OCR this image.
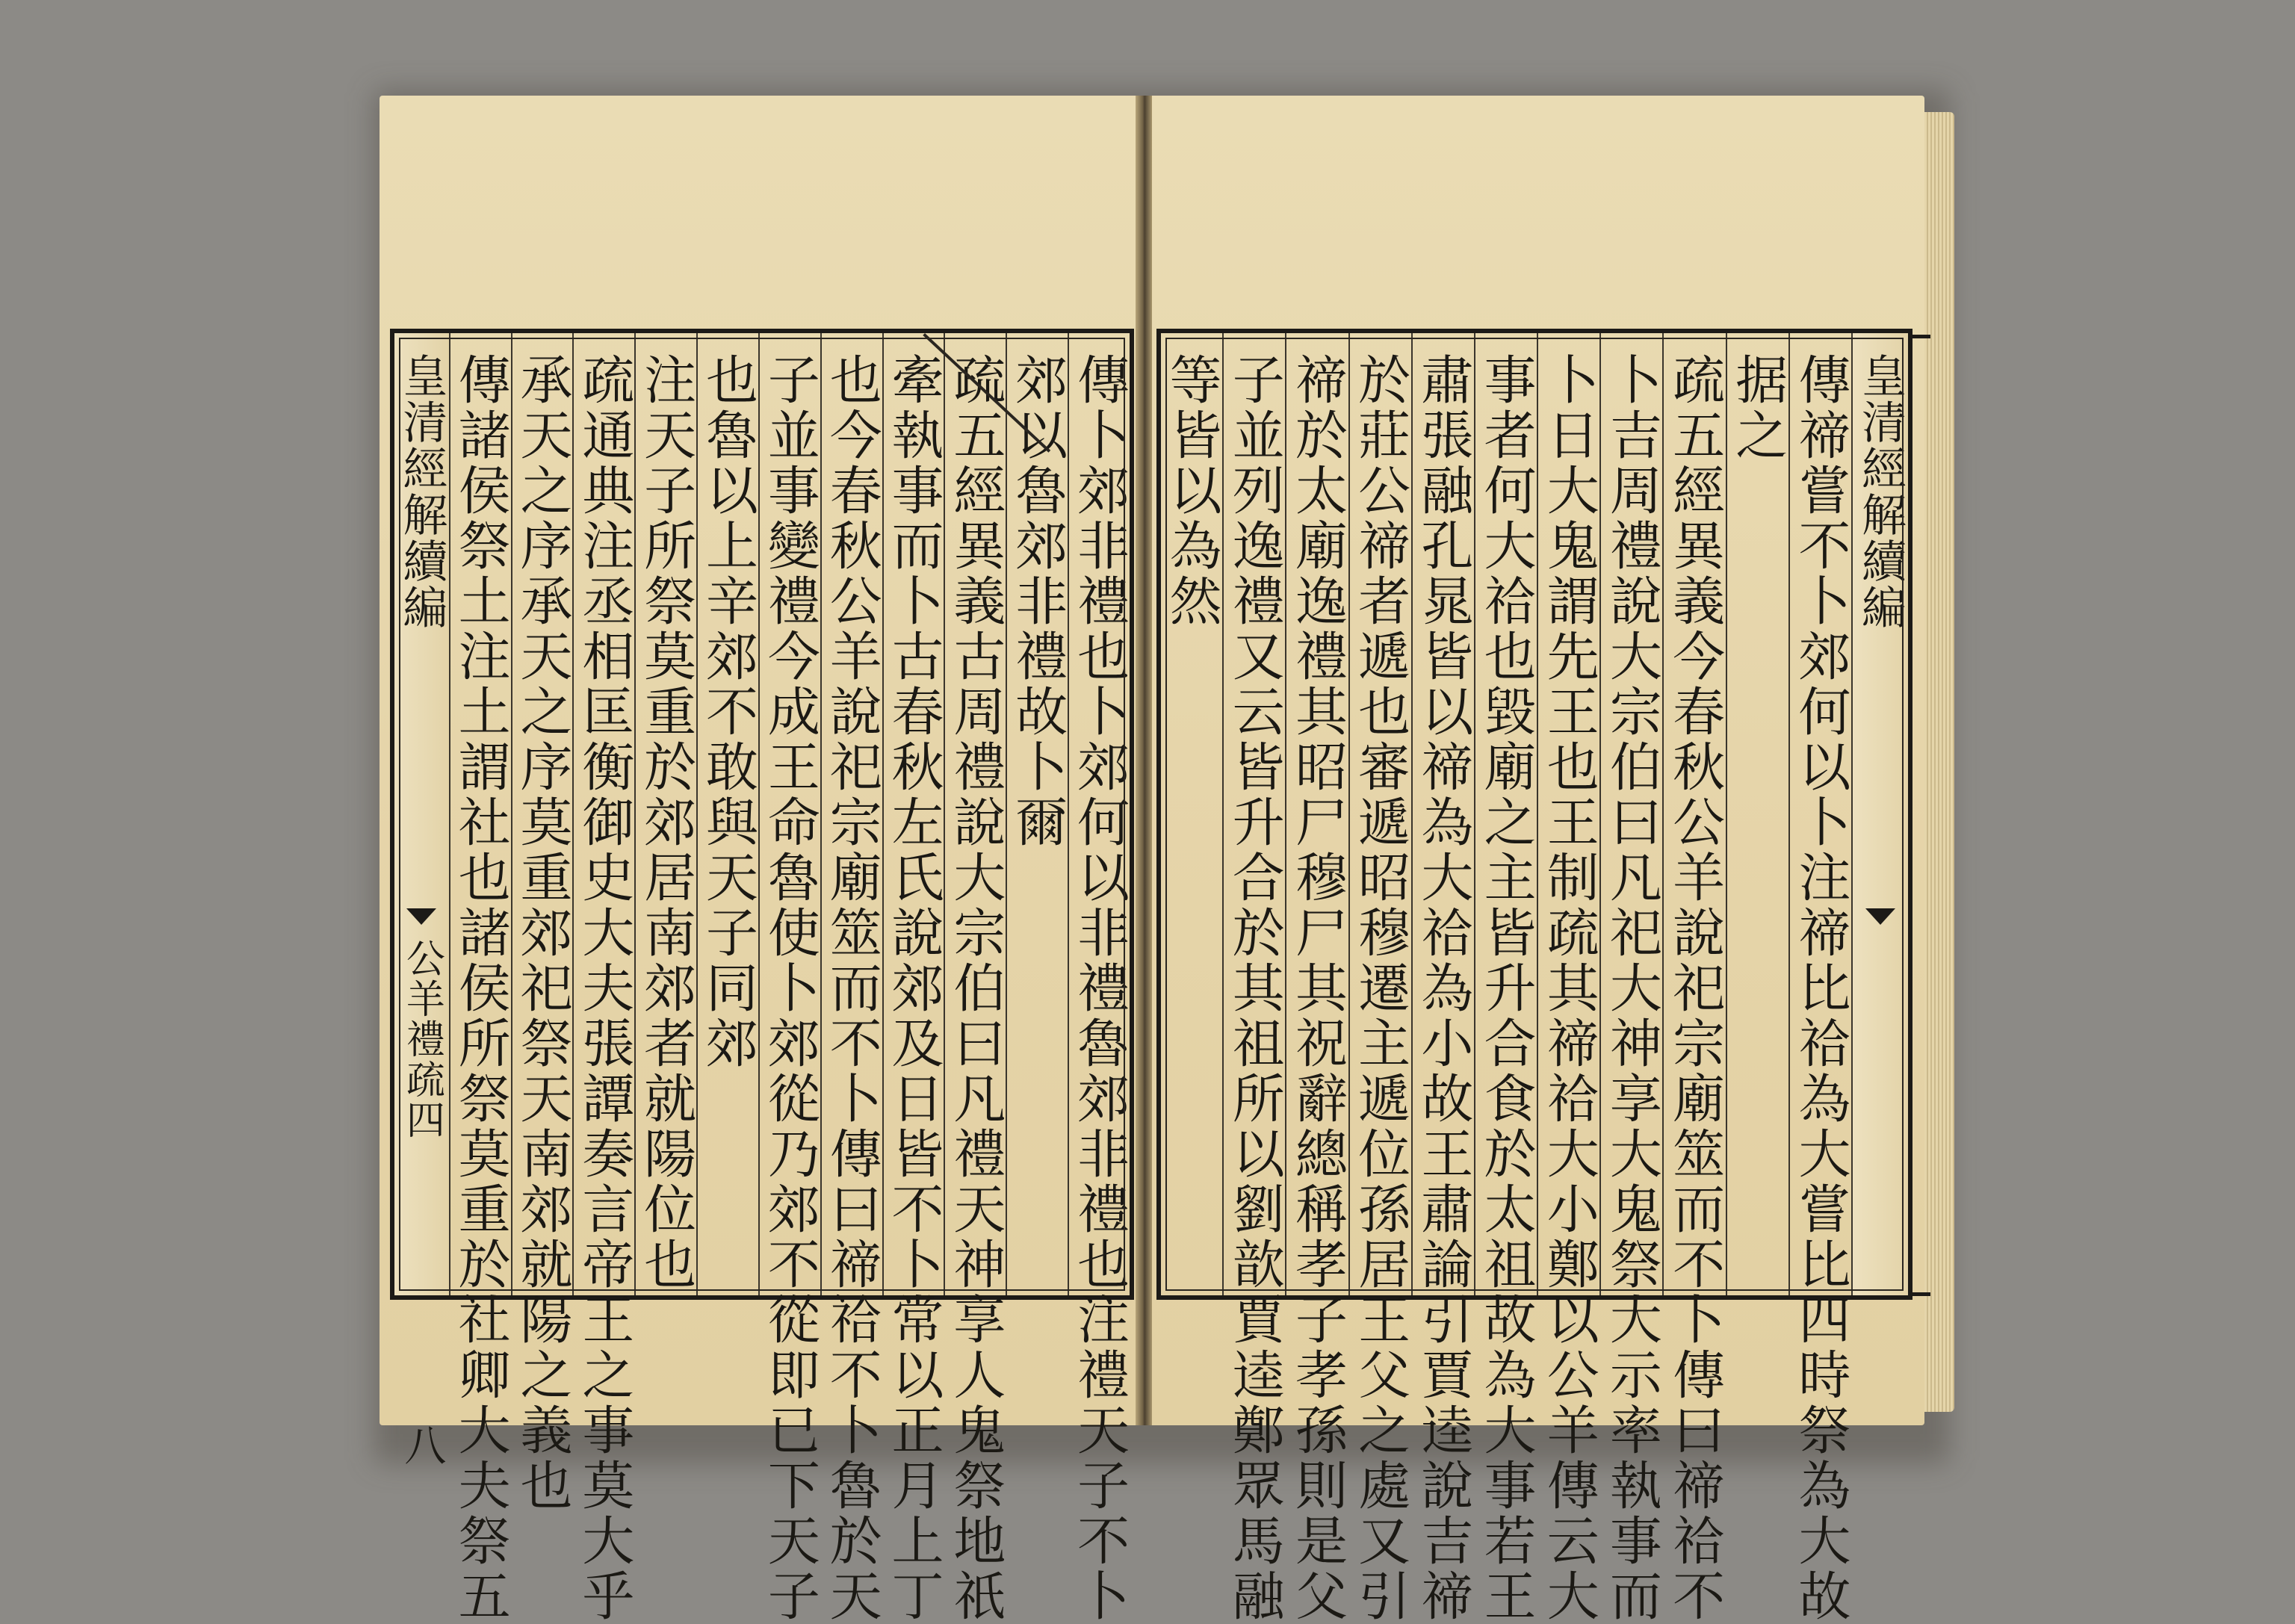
傳卜郊非禮也卜郊何以非禮魯郊非禮也注禮天子不卜
郊以魯郊非禮故卜爾
疏五經異義古周禮說大宗伯曰凡禮天神享人鬼祭地祇
牽執事而卜古春秋左氏說郊及日皆不卜常以正月上丁
也今春秋公羊說祀宗廟筮而不卜傳曰禘祫不卜魯於天
子並事變禮今成王命魯使卜郊從乃郊不從即已下天子
也魯以上辛郊不敢與天子同郊
注天子所祭莫重於郊居南郊者就陽位也
疏通典注丞相匡衡御史大夫張譚奏言帝王之事莫大乎
承天之序承天之序莫重郊祀祭天南郊就陽之義也
傳諸侯祭土注土謂社也諸侯所祭莫重於社卿大夫祭五
皇清經解續編
公羊禮疏四
八
皇清經解續編
傳禘嘗不卜郊何以卜注禘比祫為大嘗比四時祭為大故
据之
疏五經異義今春秋公羊說祀宗廟筮而不卜傳曰禘祫不
卜吉周禮說大宗伯曰凡祀大神享大鬼祭大示率執事而
卜日大鬼謂先王也王制疏其禘祫大小鄭以公羊傳云大
事者何大祫也毀廟之主皆升合食於太祖故為大事若王
肅張融孔晁皆以禘為大祫為小故王肅論引賈逵說吉禘
於莊公禘者遞也審遞昭穆遷主遞位孫居王父之處又引
禘於太廟逸禮其昭尸穆尸其祝辭總稱孝子孝孫則是父
子並列逸禮又云皆升合於其祖所以劉歆賈逵鄭眾馬融
等皆以為然
